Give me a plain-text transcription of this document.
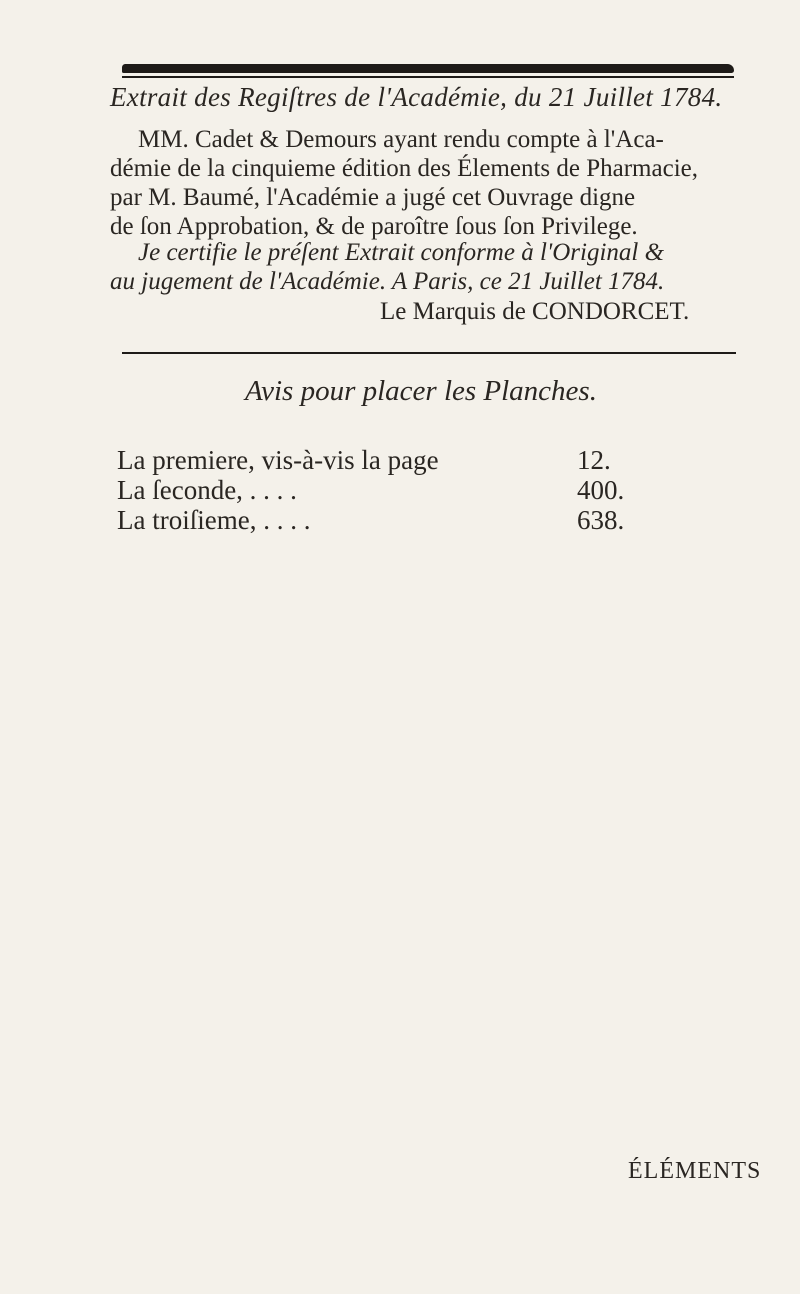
Extrait des Regiſtres de l'Académie, du 21 Juillet 1784.
MM. Cadet & Demours ayant rendu compte à l'Aca-
démie de la cinquieme édition des Élements de Pharmacie,
par M. Baumé, l'Académie a jugé cet Ouvrage digne
de ſon Approbation, & de paroître ſous ſon Privilege.
Je certifie le préſent Extrait conforme à l'Original &
au jugement de l'Académie. A Paris, ce 21 Juillet 1784.
Le Marquis de CONDORCET.
Avis pour placer les Planches.
La premiere, vis-à-vis la page	12.
La ſeconde, . . . .	400.
La troiſieme, . . . .	638.
ÉLÉMENTS
